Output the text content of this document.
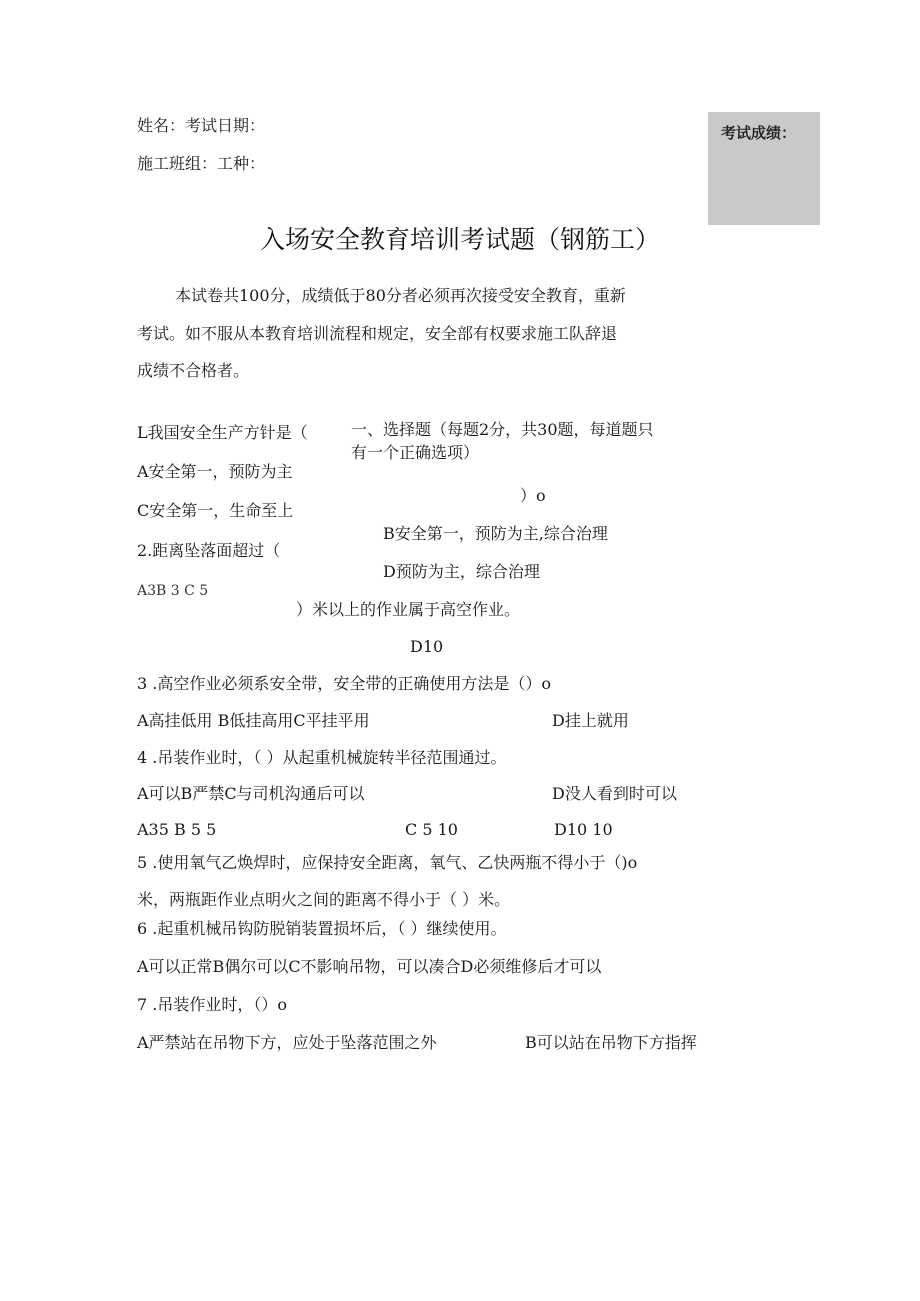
姓名：考试日期：
施工班组：工种：
考试成绩：
入场安全教育培训考试题（钢筋工）
本试卷共100分，成绩低于80分者必须再次接受安全教育，重新
考试。如不服从本教育培训流程和规定，安全部有权要求施工队辞退
成绩不合格者。
L我国安全生产方针是（	一、选择题（每题2分，共30题，每道题只
有一个正确选项）
A安全第一，预防为主
）o
C安全第一，生命至上
B安全第一，预防为主,综合治理
2.距离坠落面超过（
D预防为主，综合治理
A3B 3 C 5
）米以上的作业属于高空作业。
D10
3 .高空作业必须系安全带，安全带的正确使用方法是（）o
A高挂低用 B低挂高用C平挂平用	D挂上就用
4 .吊装作业时，（ ）从起重机械旋转半径范围通过。
A可以B严禁C与司机沟通后可以	D没人看到时可以
A35 B 5 5	C 5 10	D10 10
5 .使用氧气乙焕焊时，应保持安全距离，氧气、乙快两瓶不得小于（)o
米，两瓶距作业点明火之间的距离不得小于（ ）米。
6 .起重机械吊钩防脱销装置损坏后，（ ）继续使用。
A可以正常B偶尔可以C不影响吊物，可以凑合D必须维修后才可以
7 .吊装作业时，（）o
A严禁站在吊物下方，应处于坠落范围之外	B可以站在吊物下方指挥
